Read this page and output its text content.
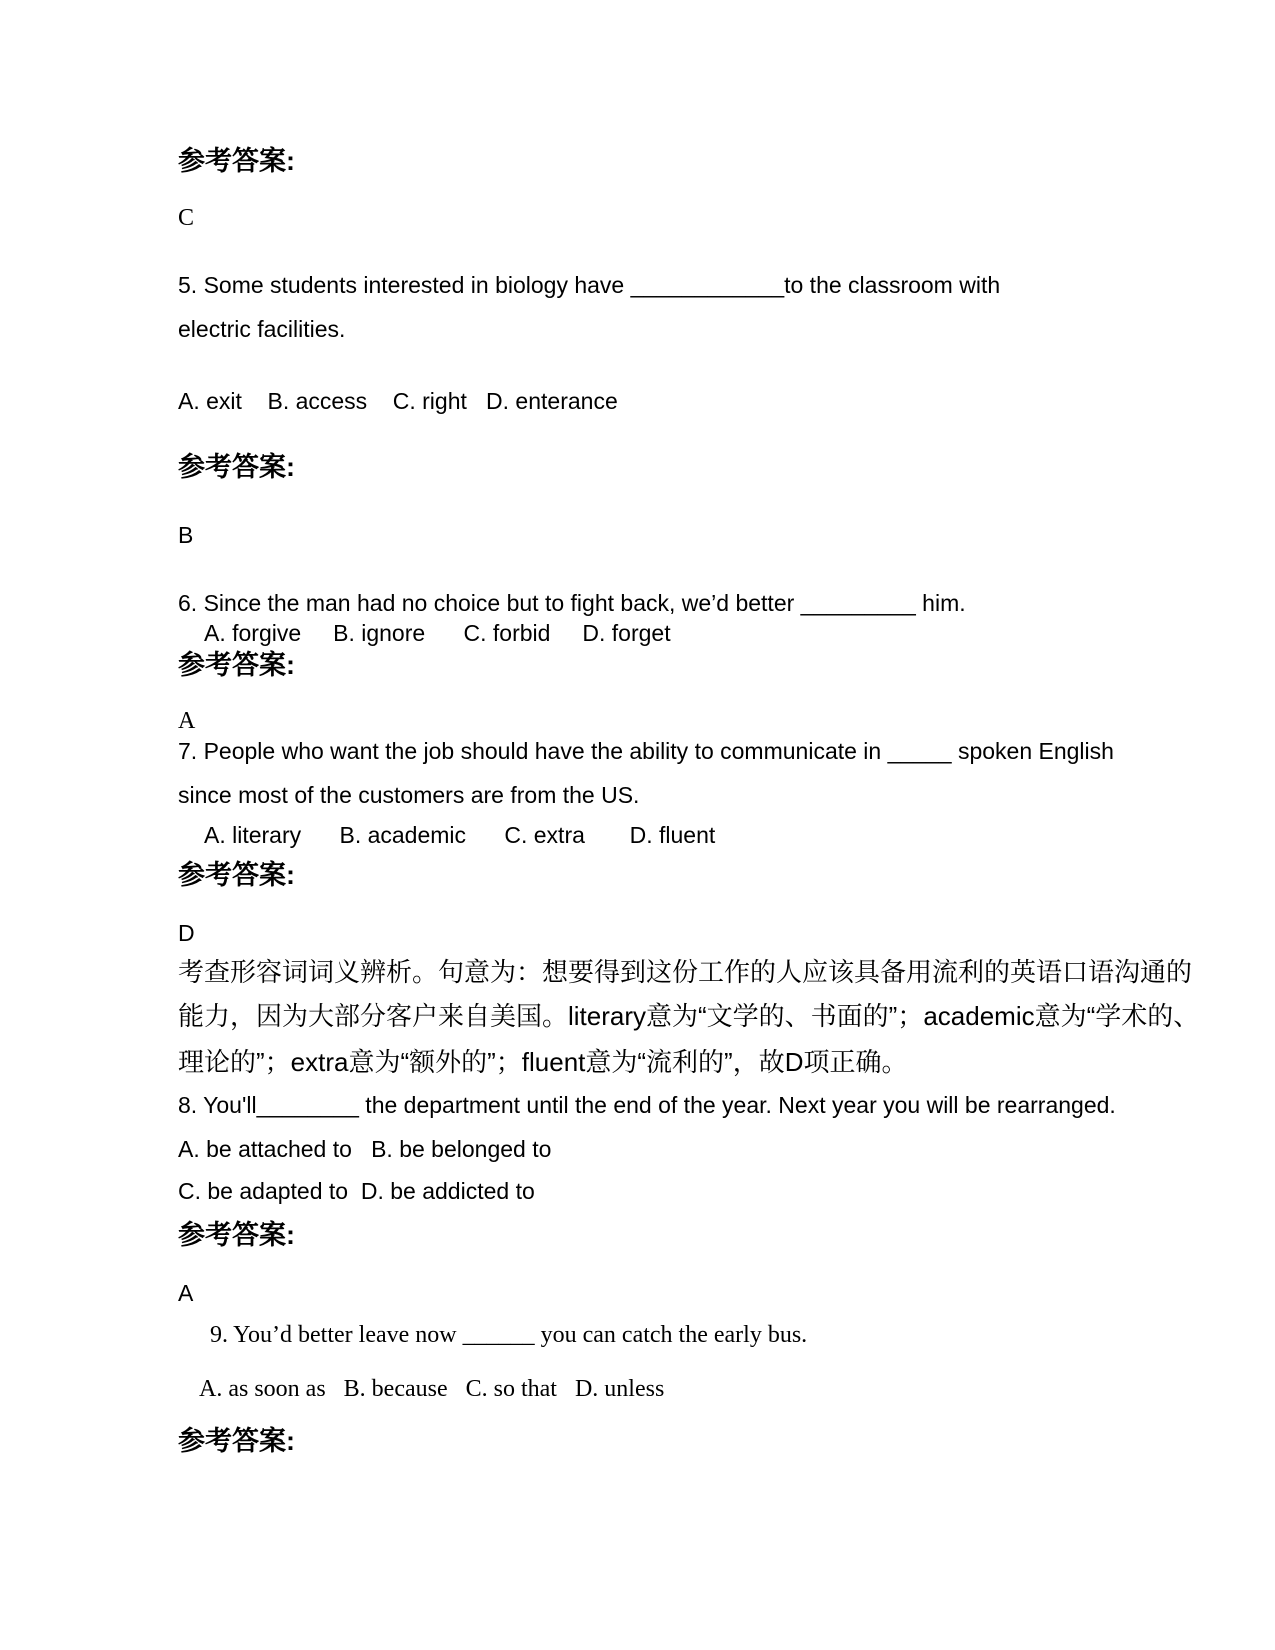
参考答案:
C
5. Some students interested in biology have ____________to the classroom with
electric facilities.
A. exit    B. access    C. right   D. enterance
参考答案:
B
6. Since the man had no choice but to fight back, we’d better _________ him.
A. forgive     B. ignore      C. forbid     D. forget
参考答案:
A
7. People who want the job should have the ability to communicate in _____ spoken English
since most of the customers are from the US.
A. literary      B. academic      C. extra       D. fluent
参考答案:
D
考查形容词词义辨析。句意为：想要得到这份工作的人应该具备用流利的英语口语沟通的
能力，因为大部分客户来自美国。literary意为“文学的、书面的”；academic意为“学术的、
理论的”；extra意为“额外的”；fluent意为“流利的”，故D项正确。
8. You'll________ the department until the end of the year. Next year you will be rearranged.
A. be attached to   B. be belonged to
C. be adapted to  D. be addicted to
参考答案:
A
9. You’d better leave now ______ you can catch the early bus.
A. as soon as   B. because   C. so that   D. unless
参考答案:
